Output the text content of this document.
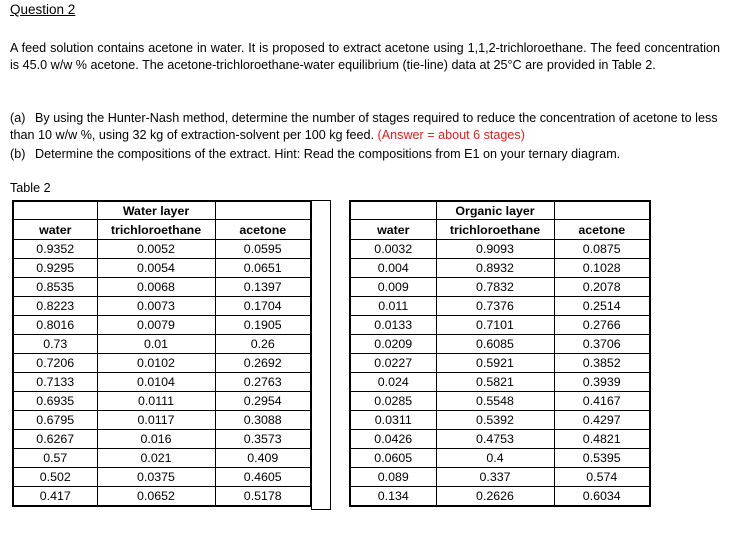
Question 2
A feed solution contains acetone in water. It is proposed to extract acetone using 1,1,2-trichloroethane. The feed concentration is 45.0 w/w % acetone. The acetone-trichloroethane-water equilibrium (tie-line) data at 25°C are provided in Table 2.
(a) By using the Hunter-Nash method, determine the number of stages required to reduce the concentration of acetone to less than 10 w/w %, using 32 kg of extraction-solvent per 100 kg feed. (Answer = about 6 stages)
(b) Determine the compositions of the extract. Hint: Read the compositions from E1 on your ternary diagram.
Table 2
	Water layer	
water	trichloroethane	acetone
0.9352	0.0052	0.0595
0.9295	0.0054	0.0651
0.8535	0.0068	0.1397
0.8223	0.0073	0.1704
0.8016	0.0079	0.1905
0.73	0.01	0.26
0.7206	0.0102	0.2692
0.7133	0.0104	0.2763
0.6935	0.0111	0.2954
0.6795	0.0117	0.3088
0.6267	0.016	0.3573
0.57	0.021	0.409
0.502	0.0375	0.4605
0.417	0.0652	0.5178
	Organic layer	
water	trichloroethane	acetone
0.0032	0.9093	0.0875
0.004	0.8932	0.1028
0.009	0.7832	0.2078
0.011	0.7376	0.2514
0.0133	0.7101	0.2766
0.0209	0.6085	0.3706
0.0227	0.5921	0.3852
0.024	0.5821	0.3939
0.0285	0.5548	0.4167
0.0311	0.5392	0.4297
0.0426	0.4753	0.4821
0.0605	0.4	0.5395
0.089	0.337	0.574
0.134	0.2626	0.6034
